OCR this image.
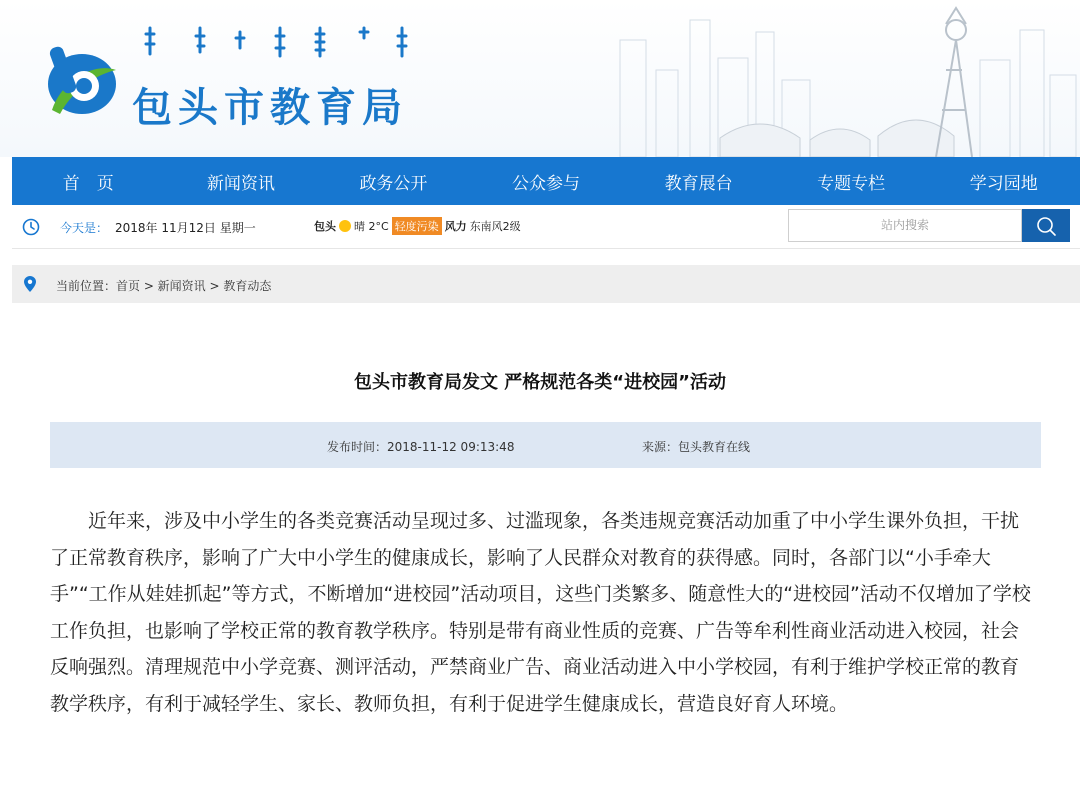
包头市教育局
首　页	新闻资讯	政务公开	公众参与	教育展台	专题专栏	学习园地
今天是： 2018年 11月12日 星期一	包头 晴 2°C 轻度污染 风力 东南风2级	站内搜索
当前位置：首页 > 新闻资讯 > 教育动态
包头市教育局发文 严格规范各类“进校园”活动
发布时间：2018-11-12 09:13:48	来源：包头教育在线

近年来，涉及中小学生的各类竞赛活动呈现过多、过滥现象，各类违规竞赛活动加重了中小学生课外负担，干扰了正常教育秩序，影响了广大中小学生的健康成长，影响了人民群众对教育的获得感。同时，各部门以“小手牵大手”“工作从娃娃抓起”等方式，不断增加“进校园”活动项目，这些门类繁多、随意性大的“进校园”活动不仅增加了学校工作负担，也影响了学校正常的教育教学秩序。特别是带有商业性质的竞赛、广告等牟利性商业活动进入校园，社会反响强烈。清理规范中小学竞赛、测评活动，严禁商业广告、商业活动进入中小学校园，有利于维护学校正常的教育教学秩序，有利于减轻学生、家长、教师负担，有利于促进学生健康成长，营造良好育人环境。
